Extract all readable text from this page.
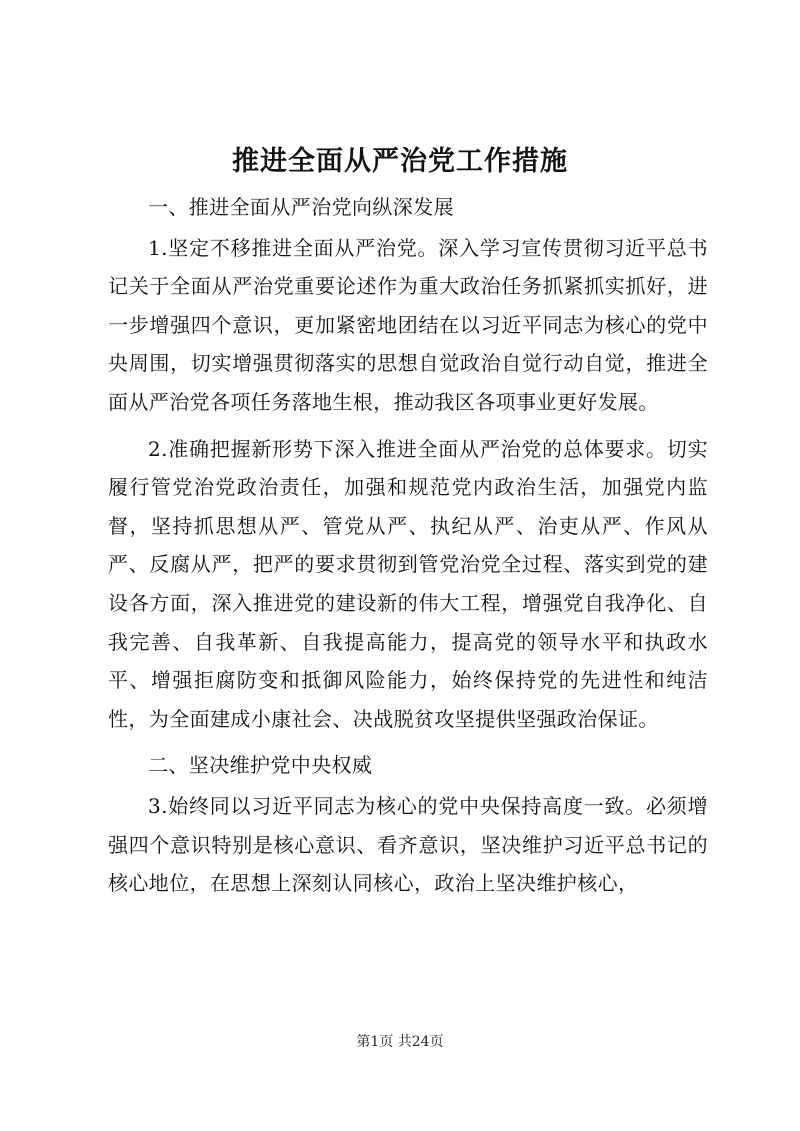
推进全面从严治党工作措施

一、推进全面从严治党向纵深发展

1.坚定不移推进全面从严治党。深入学习宣传贯彻习近平总书记关于全面从严治党重要论述作为重大政治任务抓紧抓实抓好，进一步增强四个意识，更加紧密地团结在以习近平同志为核心的党中央周围，切实增强贯彻落实的思想自觉政治自觉行动自觉，推进全面从严治党各项任务落地生根，推动我区各项事业更好发展。

2.准确把握新形势下深入推进全面从严治党的总体要求。切实履行管党治党政治责任，加强和规范党内政治生活，加强党内监督，坚持抓思想从严、管党从严、执纪从严、治吏从严、作风从严、反腐从严，把严的要求贯彻到管党治党全过程、落实到党的建设各方面，深入推进党的建设新的伟大工程，增强党自我净化、自我完善、自我革新、自我提高能力，提高党的领导水平和执政水平、增强拒腐防变和抵御风险能力，始终保持党的先进性和纯洁性，为全面建成小康社会、决战脱贫攻坚提供坚强政治保证。

二、坚决维护党中央权威

3.始终同以习近平同志为核心的党中央保持高度一致。必须增强四个意识特别是核心意识、看齐意识，坚决维护习近平总书记的核心地位，在思想上深刻认同核心，政治上坚决维护核心，

第1页 共24页
